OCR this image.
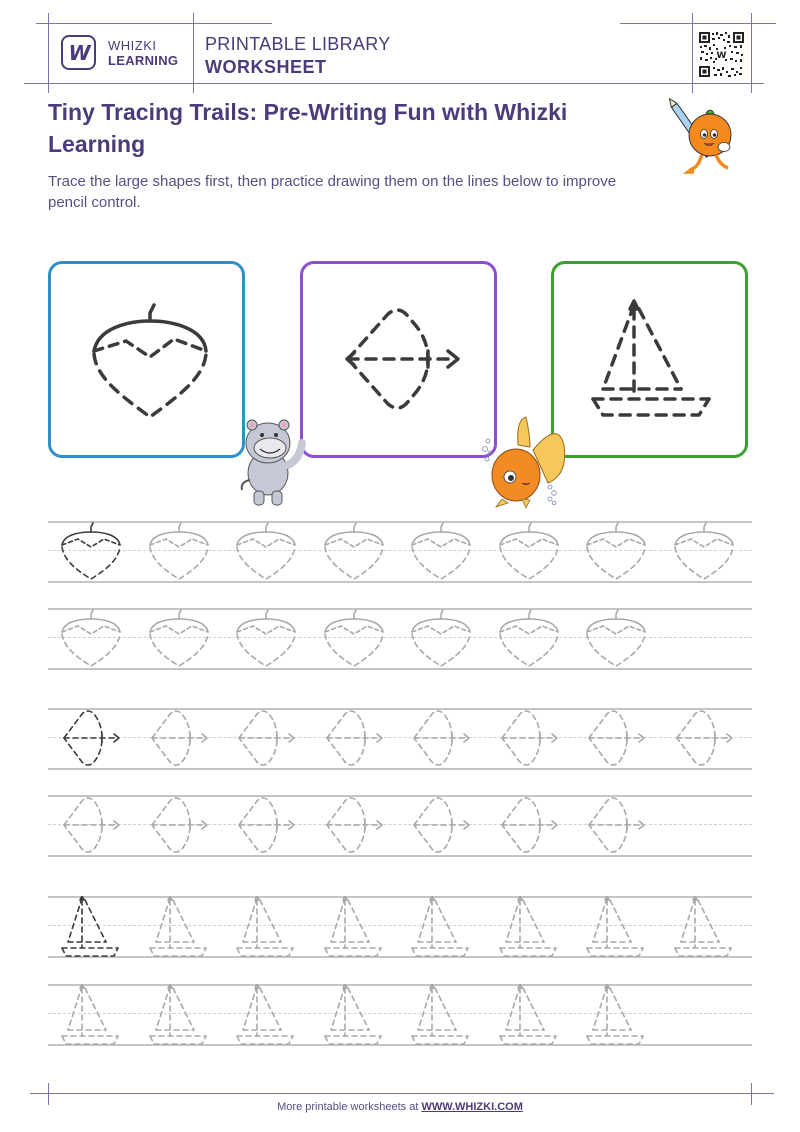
W WHIZKI
LEARNING
PRINTABLE LIBRARY
WORKSHEET
W
Tiny Tracing Trails: Pre-Writing Fun with Whizki Learning
Trace the large shapes first, then practice drawing them on the lines below to improve pencil control.
More printable worksheets at WWW.WHIZKI.COM
